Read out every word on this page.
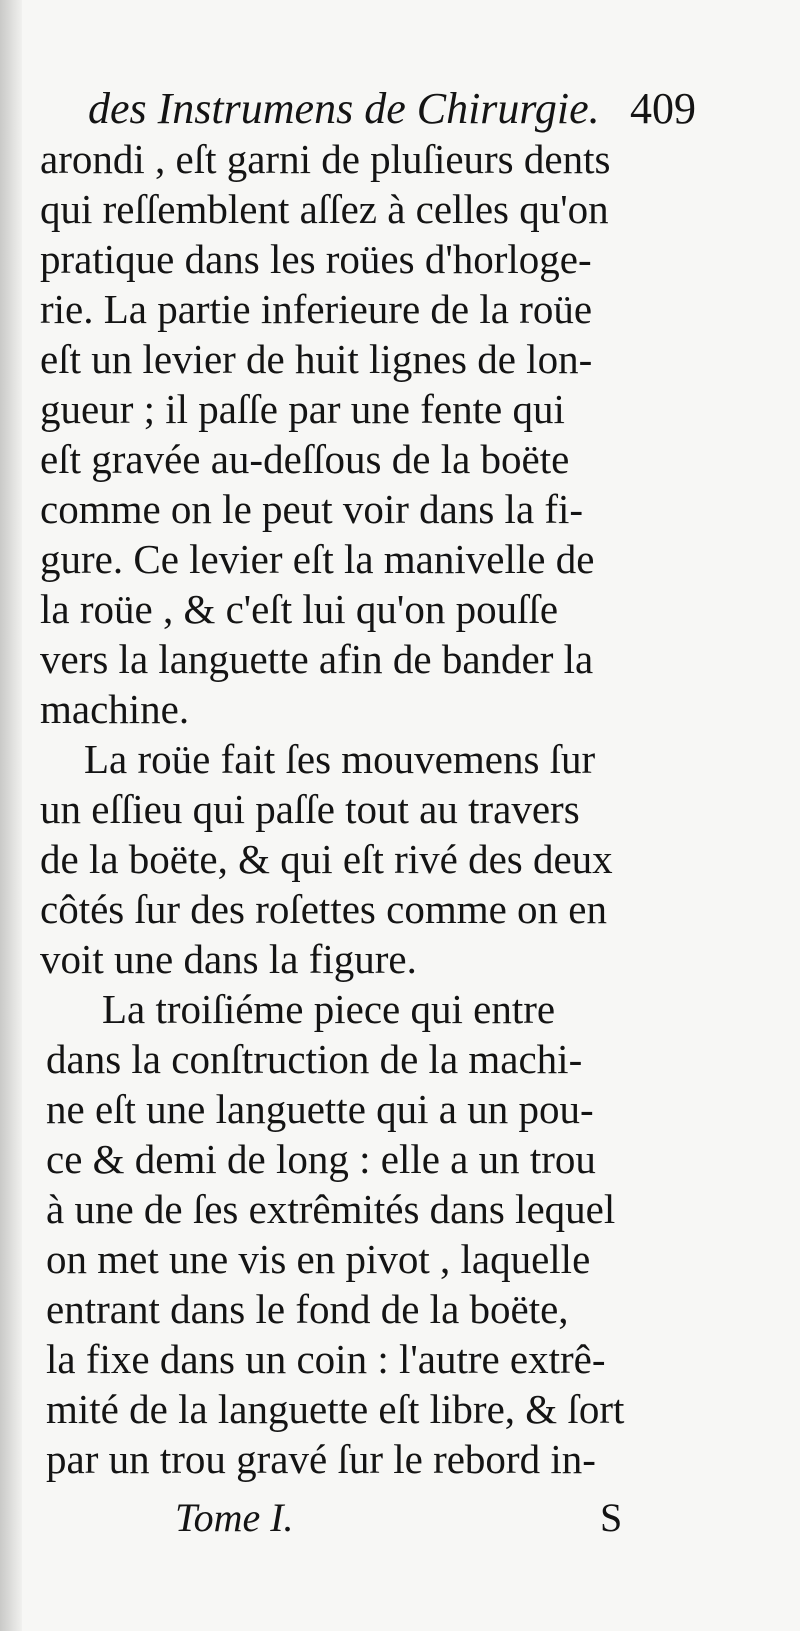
des Instrumens de Chirurgie. 409
arondi , eſt garni de pluſieurs dents
qui reſſemblent aſſez à celles qu'on
pratique dans les roües d'horloge-
rie. La partie inferieure de la roüe
eſt un levier de huit lignes de lon-
gueur ; il paſſe par une fente qui
eſt gravée au-deſſous de la boëte
comme on le peut voir dans la fi-
gure. Ce levier eſt la manivelle de
la roüe , & c'eſt lui qu'on pouſſe
vers la languette afin de bander la
machine.
La roüe fait ſes mouvemens ſur
un eſſieu qui paſſe tout au travers
de la boëte, & qui eſt rivé des deux
côtés ſur des roſettes comme on en
voit une dans la figure.
La troiſiéme piece qui entre
dans la conſtruction de la machi-
ne eſt une languette qui a un pou-
ce & demi de long : elle a un trou
à une de ſes extrêmités dans lequel
on met une vis en pivot , laquelle
entrant dans le fond de la boëte,
la fixe dans un coin : l'autre extrê-
mité de la languette eſt libre, & ſort
par un trou gravé ſur le rebord in-
Tome I.	S
